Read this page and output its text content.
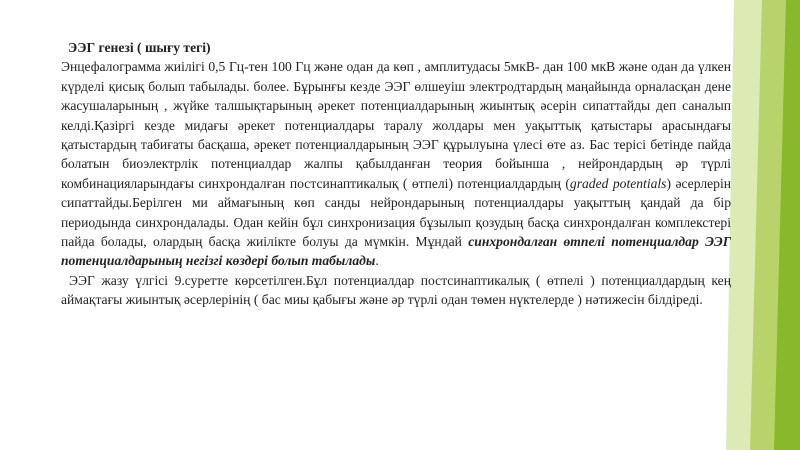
ЭЭГ генезі ( шығу тегі)

Энцефалограмма жиілігі 0,5 Гц-тен 100 Гц және одан да көп , амплитудасы 5мкВ- дан 100 мкВ және одан да үлкен күрделі қисық болып табылады. более. Бұрынғы кезде ЭЭГ өлшеуіш электродтардың маңайында орналасқан дене жасушаларының , жүйке талшықтарының әрекет потенциалдарының жиынтық әсерін сипаттайды деп саналып келді.Қазіргі кезде мидағы әрекет потенциалдары таралу жолдары мен уақыттық қатыстары арасындағы қатыстардың табиғаты басқаша, әрекет потенциалдарының ЭЭГ құрылуына үлесі өте аз. Бас терісі бетінде пайда болатын биоэлектрлік потенциалдар жалпы қабылданған теория бойынша , нейрондардың әр түрлі комбинацияларындағы синхрондалған постсинаптикалық ( өтпелі) потенциалдардың (graded potentials) әсерлерін сипаттайды.Берілген ми аймағының көп санды нейрондарының потенциалдары уақыттың қандай да бір периодында синхрондалады. Одан кейін бұл синхронизация бұзылып қозудың басқа синхрондалған комплекстері пайда болады, олардың басқа жиілікте болуы да мүмкін. Мұндай синхрондалған өтпелі потенциалдар ЭЭГ потенциалдарының негізгі көздері болып табылады.

ЭЭГ жазу үлгісі 9.суретте көрсетілген.Бұл потенциалдар постсинаптикалық ( өтпелі ) потенциалдардың кең аймақтағы жиынтық әсерлерінің ( бас миы қабығы және әр түрлі одан төмен нүктелерде ) нәтижесін білдіреді.
